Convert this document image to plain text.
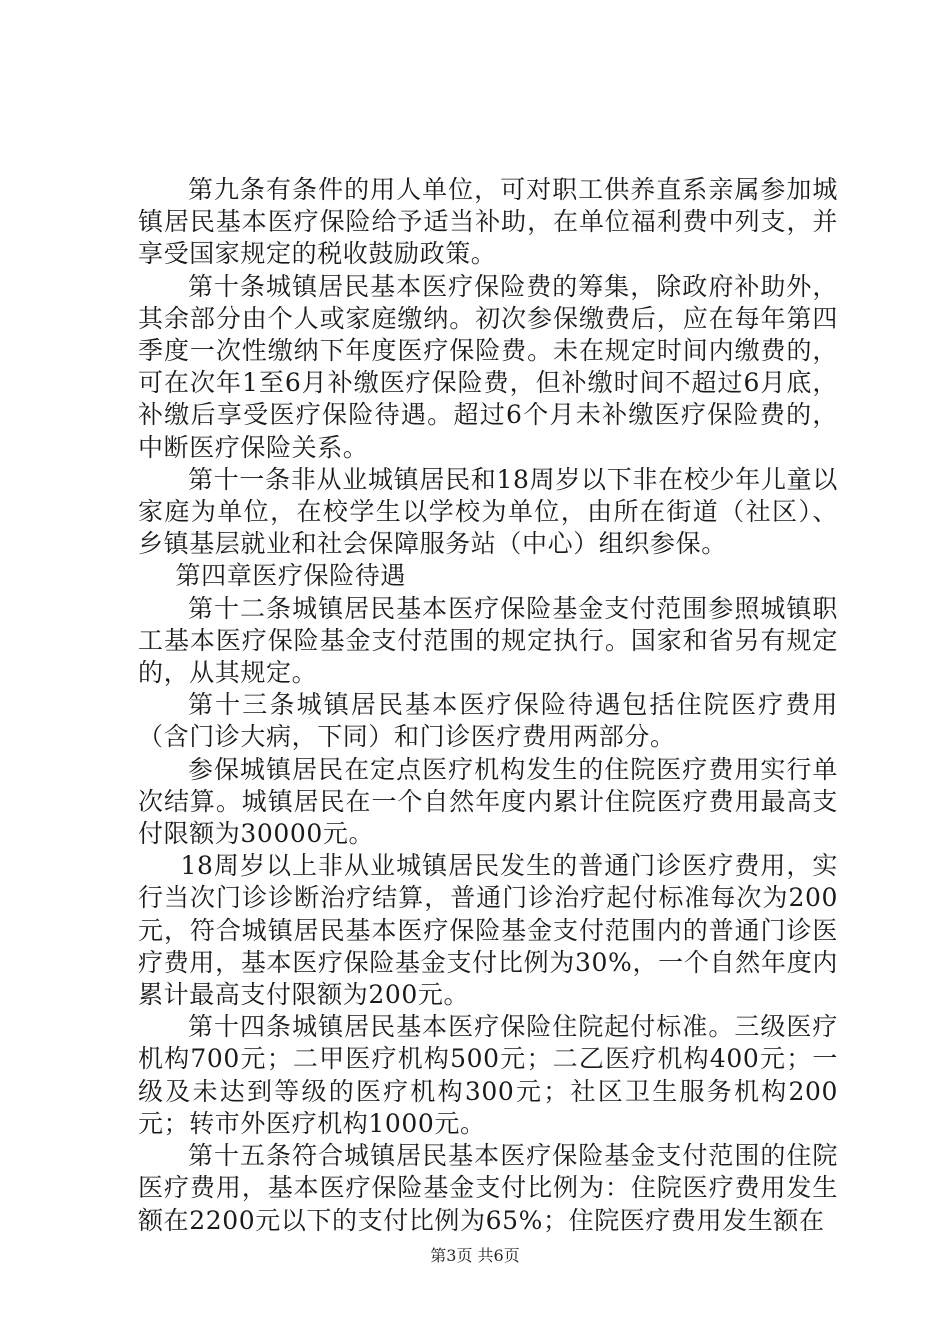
第九条有条件的用人单位，可对职工供养直系亲属参加城镇居民基本医疗保险给予适当补助，在单位福利费中列支，并享受国家规定的税收鼓励政策。

第十条城镇居民基本医疗保险费的筹集，除政府补助外，其余部分由个人或家庭缴纳。初次参保缴费后，应在每年第四季度一次性缴纳下年度医疗保险费。未在规定时间内缴费的，可在次年1至6月补缴医疗保险费，但补缴时间不超过6月底，补缴后享受医疗保险待遇。超过6个月未补缴医疗保险费的，中断医疗保险关系。

第十一条非从业城镇居民和18周岁以下非在校少年儿童以家庭为单位，在校学生以学校为单位，由所在街道（社区）、乡镇基层就业和社会保障服务站（中心）组织参保。

第四章医疗保险待遇

第十二条城镇居民基本医疗保险基金支付范围参照城镇职工基本医疗保险基金支付范围的规定执行。国家和省另有规定的，从其规定。

第十三条城镇居民基本医疗保险待遇包括住院医疗费用（含门诊大病，下同）和门诊医疗费用两部分。

参保城镇居民在定点医疗机构发生的住院医疗费用实行单次结算。城镇居民在一个自然年度内累计住院医疗费用最高支付限额为30000元。

18周岁以上非从业城镇居民发生的普通门诊医疗费用，实行当次门诊诊断治疗结算，普通门诊治疗起付标准每次为200元，符合城镇居民基本医疗保险基金支付范围内的普通门诊医疗费用，基本医疗保险基金支付比例为30%，一个自然年度内累计最高支付限额为200元。

第十四条城镇居民基本医疗保险住院起付标准。三级医疗机构700元；二甲医疗机构500元；二乙医疗机构400元；一级及未达到等级的医疗机构300元；社区卫生服务机构200元；转市外医疗机构1000元。

第十五条符合城镇居民基本医疗保险基金支付范围的住院医疗费用，基本医疗保险基金支付比例为：住院医疗费用发生额在2200元以下的支付比例为65%；住院医疗费用发生额在

第3页 共6页
